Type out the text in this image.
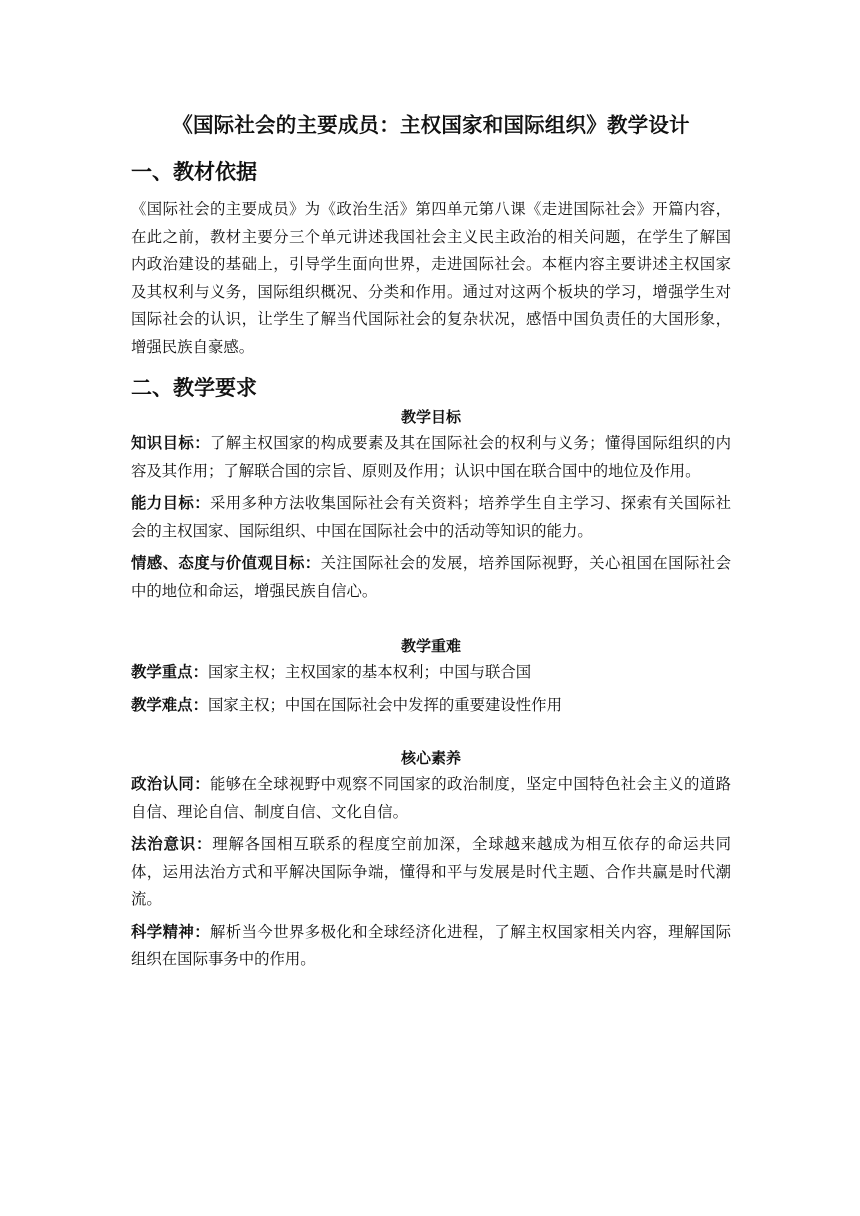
《国际社会的主要成员：主权国家和国际组织》教学设计
一、教材依据

《国际社会的主要成员》为《政治生活》第四单元第八课《走进国际社会》开篇内容，在此之前，教材主要分三个单元讲述我国社会主义民主政治的相关问题，在学生了解国内政治建设的基础上，引导学生面向世界，走进国际社会。本框内容主要讲述主权国家及其权利与义务，国际组织概况、分类和作用。通过对这两个板块的学习，增强学生对国际社会的认识，让学生了解当代国际社会的复杂状况，感悟中国负责任的大国形象，增强民族自豪感。

二、教学要求
教学目标

知识目标：了解主权国家的构成要素及其在国际社会的权利与义务；懂得国际组织的内容及其作用；了解联合国的宗旨、原则及作用；认识中国在联合国中的地位及作用。

能力目标：采用多种方法收集国际社会有关资料；培养学生自主学习、探索有关国际社会的主权国家、国际组织、中国在国际社会中的活动等知识的能力。

情感、态度与价值观目标：关注国际社会的发展，培养国际视野，关心祖国在国际社会中的地位和命运，增强民族自信心。

教学重难

教学重点：国家主权；主权国家的基本权利；中国与联合国

教学难点：国家主权；中国在国际社会中发挥的重要建设性作用

核心素养

政治认同：能够在全球视野中观察不同国家的政治制度，坚定中国特色社会主义的道路自信、理论自信、制度自信、文化自信。

法治意识：理解各国相互联系的程度空前加深，全球越来越成为相互依存的命运共同体，运用法治方式和平解决国际争端，懂得和平与发展是时代主题、合作共赢是时代潮流。

科学精神：解析当今世界多极化和全球经济化进程，了解主权国家相关内容，理解国际组织在国际事务中的作用。
